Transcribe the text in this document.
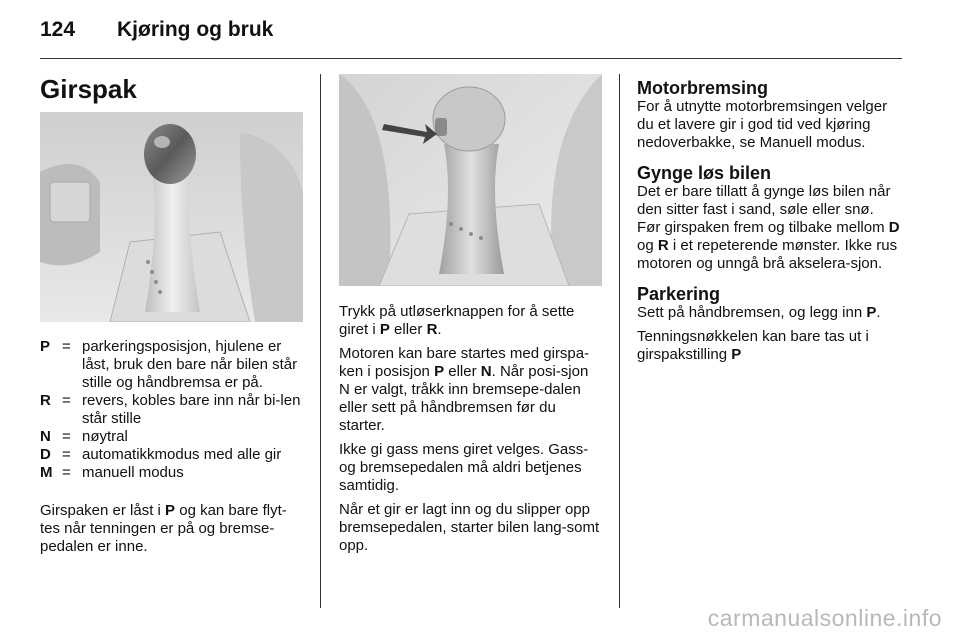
124 Kjøring og bruk
Girspak
P = parkeringsposisjon, hjulene er låst, bruk den bare når bilen står stille og håndbremsa er på.
R = revers, kobles bare inn når bi-len står stille
N = nøytral
D = automatikkmodus med alle gir
M = manuell modus

Girspaken er låst i P og kan bare flyt-tes når tenningen er på og bremse-pedalen er inne.

Trykk på utløserknappen for å sette giret i P eller R.

Motoren kan bare startes med girspa-ken i posisjon P eller N. Når posi-sjon N er valgt, tråkk inn bremsepe-dalen eller sett på håndbremsen før du starter.

Ikke gi gass mens giret velges. Gass- og bremsepedalen må aldri betjenes samtidig.

Når et gir er lagt inn og du slipper opp bremsepedalen, starter bilen lang-somt opp.

Motorbremsing

For å utnytte motorbremsingen velger du et lavere gir i god tid ved kjøring nedoverbakke, se Manuell modus.

Gynge løs bilen

Det er bare tillatt å gynge løs bilen når den sitter fast i sand, søle eller snø.

Før girspaken frem og tilbake mellom D og R i et repeterende mønster. Ikke rus motoren og unngå brå akselera-sjon.

Parkering

Sett på håndbremsen, og legg inn P.

Tenningsnøkkelen kan bare tas ut i girspakstilling P

carmanualsonline.info
